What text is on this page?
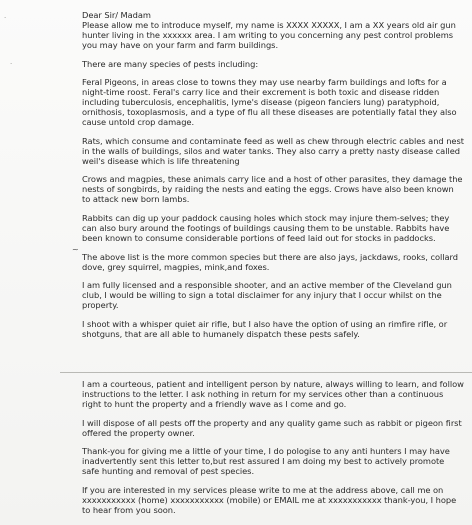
·
·
~

Dear Sir/ Madam

Please allow me to introduce myself, my name is XXXX XXXXX, I am a XX years old air gun hunter living in the xxxxxx area. I am writing to you concerning any pest control problems you may have on your farm and farm buildings.

There are many species of pests including:

Feral Pigeons, in areas close to towns they may use nearby farm buildings and lofts for a night-time roost. Feral's carry lice and their excrement is both toxic and disease ridden including tuberculosis, encephalitis, lyme's disease (pigeon fanciers lung) paratyphoid, ornithosis, toxoplasmosis, and a type of flu all these diseases are potentially fatal they also cause untold crop damage.

Rats, which consume and contaminate feed as well as chew through electric cables and nest in the walls of buildings, silos and water tanks. They also carry a pretty nasty disease called weil's disease which is life threatening

Crows and magpies, these animals carry lice and a host of other parasites, they damage the nests of songbirds, by raiding the nests and eating the eggs. Crows have also been known to attack new born lambs.

Rabbits can dig up your paddock causing holes which stock may injure them-selves; they can also bury around the footings of buildings causing them to be unstable. Rabbits have been known to consume considerable portions of feed laid out for stocks in paddocks.

The above list is the more common species but there are also jays, jackdaws, rooks, collard dove, grey squirrel, magpies, mink,and foxes.

I am fully licensed and a responsible shooter, and an active member of the Cleveland gun club, I would be willing to sign a total disclaimer for any injury that I occur whilst on the property.

I shoot with a whisper quiet air rifle, but I also have the option of using an rimfire rifle, or shotguns, that are all able to humanely dispatch these pests safely.

I am a courteous, patient and intelligent person by nature, always willing to learn, and follow instructions to the letter. I ask nothing in return for my services other than a continuous right to hunt the property and a friendly wave as I come and go.

I will dispose of all pests off the property and any quality game such as rabbit or pigeon first offered the property owner.

Thank-you for giving me a little of your time, I do pologise to any anti hunters I may have inadvertently sent this letter to,but rest assured I am doing my best to actively promote safe hunting and removal of pest species.

If you are interested in my services please write to me at the address above, call me on xxxxxxxxxxx (home) xxxxxxxxxxx (mobile) or EMAIL me at xxxxxxxxxxx thank-you, I hope to hear from you soon.
